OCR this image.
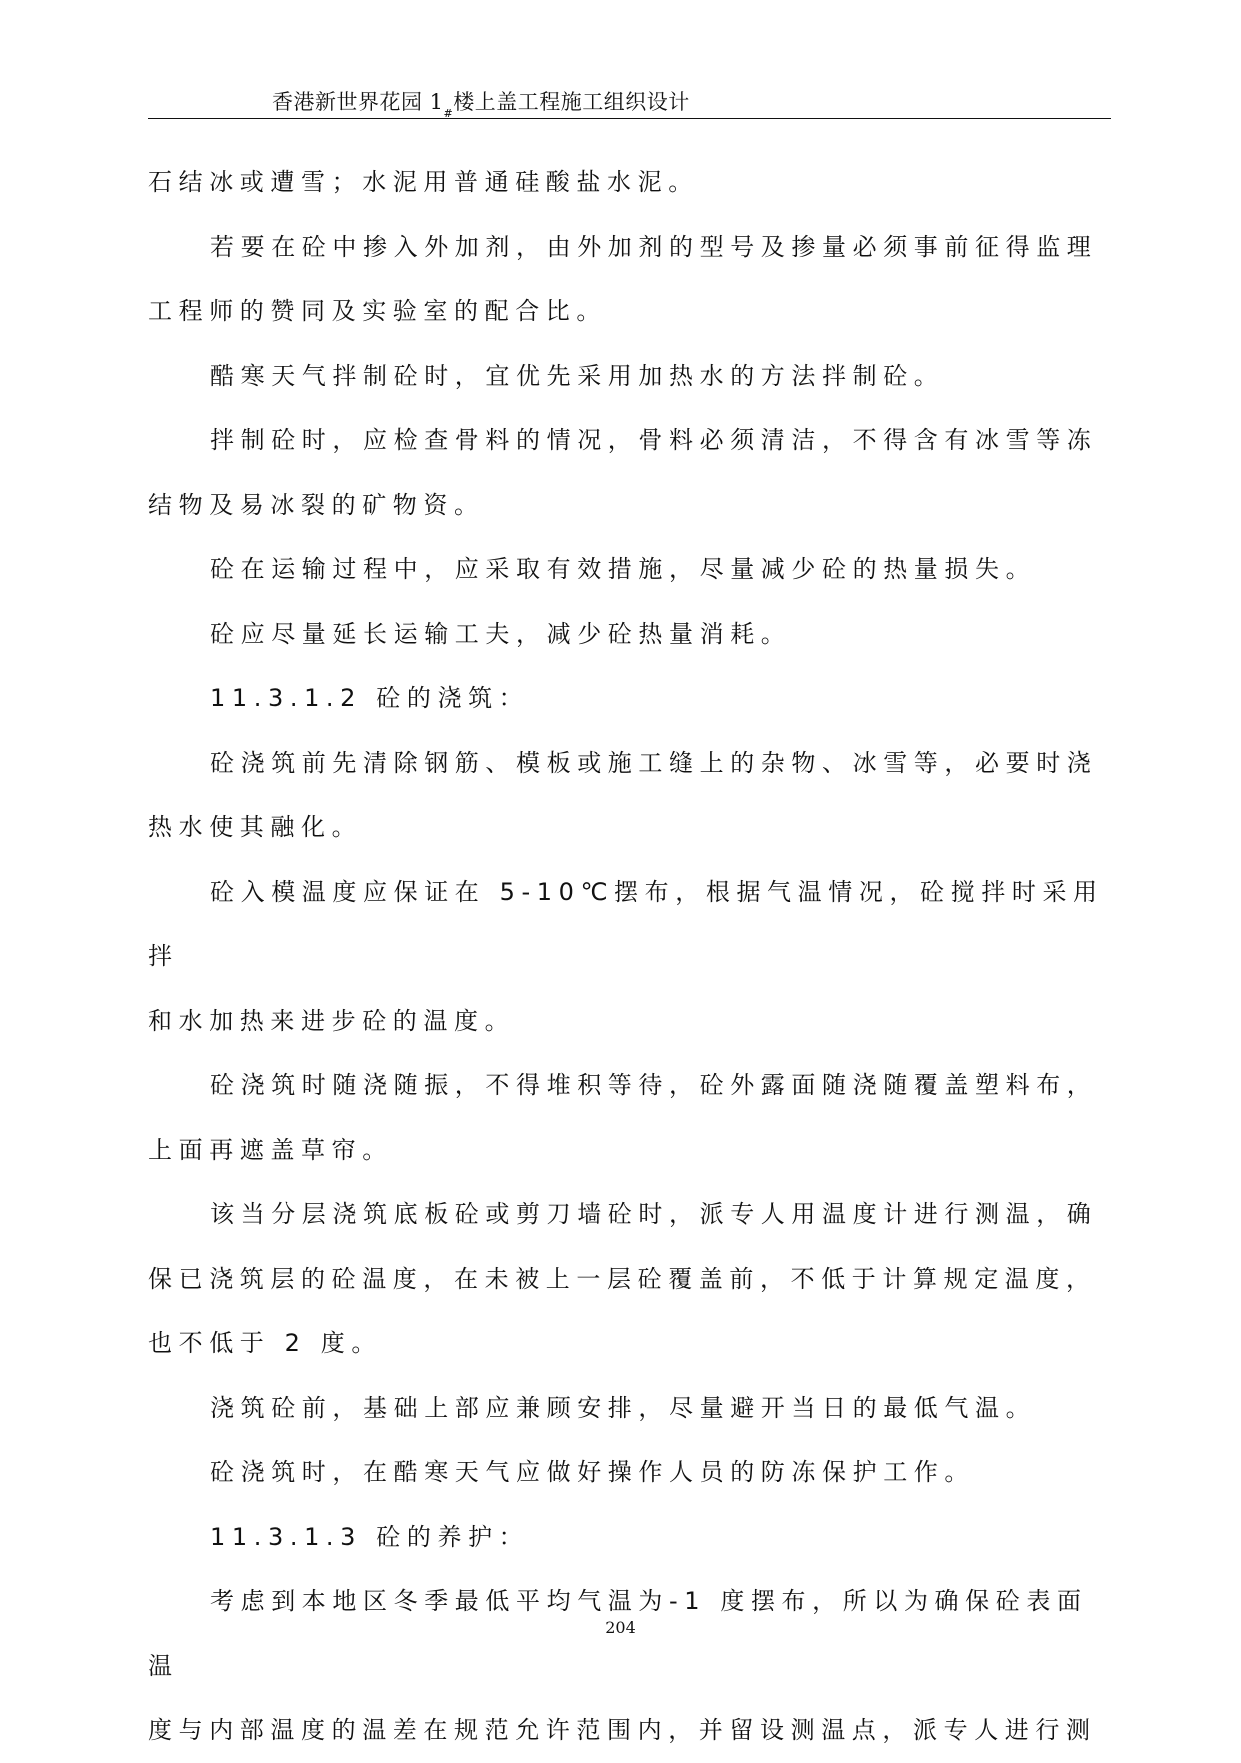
香港新世界花园 1# 楼上盖工程施工组织设计

石结冰或遭雪；水泥用普通硅酸盐水泥。

若要在砼中掺入外加剂，由外加剂的型号及掺量必须事前征得监理

工程师的赞同及实验室的配合比。

酷寒天气拌制砼时，宜优先采用加热水的方法拌制砼。

拌制砼时，应检查骨料的情况，骨料必须清洁，不得含有冰雪等冻

结物及易冰裂的矿物资。

砼在运输过程中，应采取有效措施，尽量减少砼的热量损失。

砼应尽量延长运输工夫，减少砼热量消耗。

11.3.1.2 砼的浇筑：

砼浇筑前先清除钢筋、模板或施工缝上的杂物、冰雪等，必要时浇

热水使其融化。

砼入模温度应保证在 5-10℃摆布，根据气温情况，砼搅拌时采用拌

和水加热来进步砼的温度。

砼浇筑时随浇随振，不得堆积等待，砼外露面随浇随覆盖塑料布，

上面再遮盖草帘。

该当分层浇筑底板砼或剪刀墙砼时，派专人用温度计进行测温，确

保已浇筑层的砼温度，在未被上一层砼覆盖前，不低于计算规定温度，

也不低于 2 度。

浇筑砼前，基础上部应兼顾安排，尽量避开当日的最低气温。

砼浇筑时，在酷寒天气应做好操作人员的防冻保护工作。

11.3.1.3 砼的养护：

考虑到本地区冬季最低平均气温为-1 度摆布，所以为确保砼表面温

度与内部温度的温差在规范允许范围内，并留设测温点，派专人进行测

204
